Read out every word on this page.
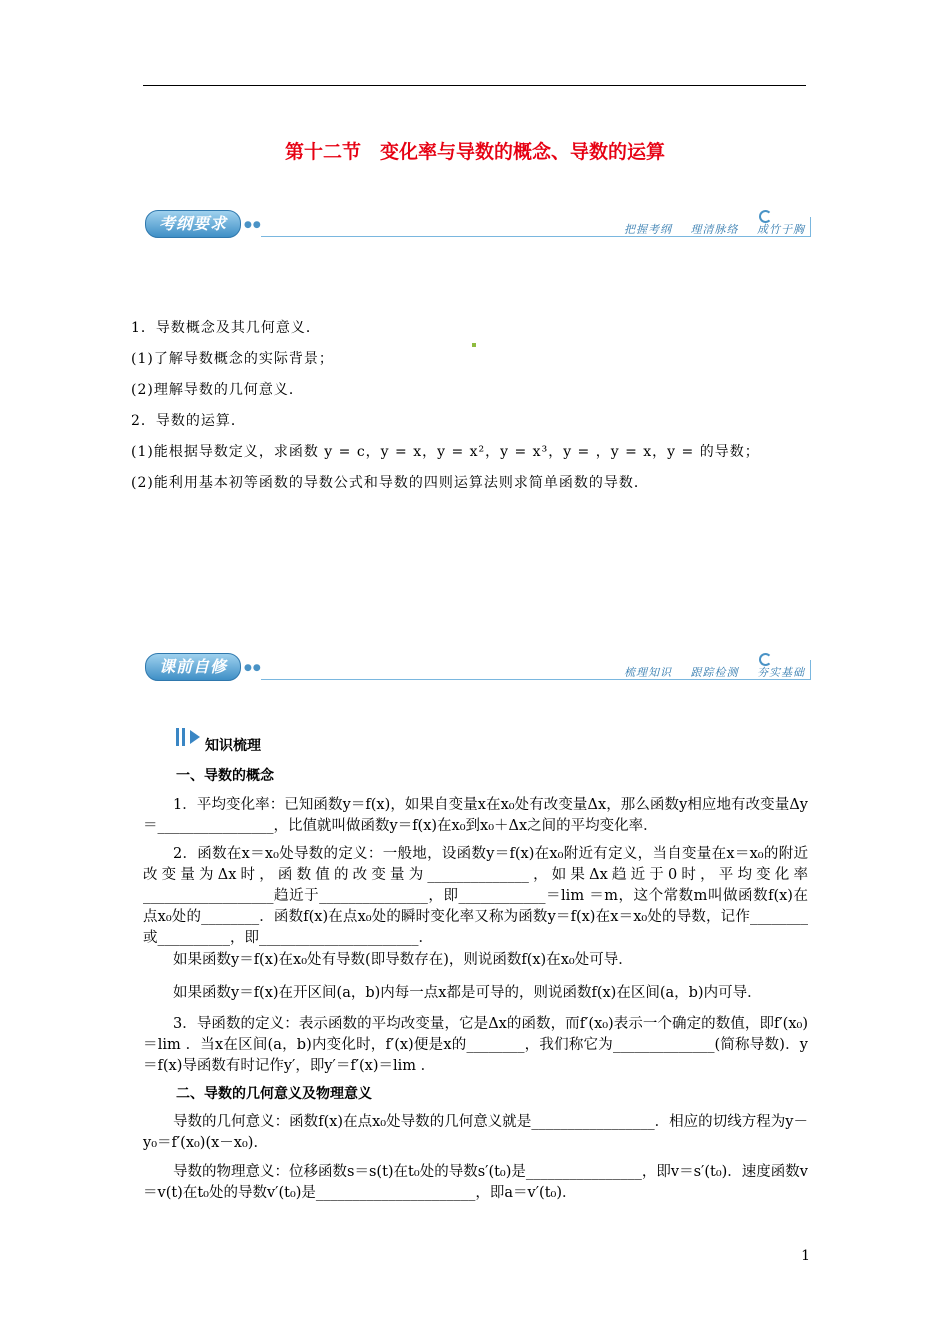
第十二节　变化率与导数的概念、导数的运算
考纲要求	●●	把握考纲 理清脉络 成竹于胸
1．导数概念及其几何意义．
(1)了解导数概念的实际背景；
(2)理解导数的几何意义．
2．导数的运算．
(1)能根据导数定义，求函数 y = c，y = x，y = x²，y = x³，y = ，y = x，y = 的导数；
(2)能利用基本初等函数的导数公式和导数的四则运算法则求简单函数的导数．
课前自修	●●	梳理知识 跟踪检测 夯实基础
知识梳理
一、导数的概念
1．平均变化率：已知函数y＝f(x)，如果自变量x在x₀处有改变量Δx，那么函数y相应地有改变量Δy＝________________，比值就叫做函数y＝f(x)在x₀到x₀＋Δx之间的平均变化率．
2．函数在x＝x₀处导数的定义：一般地，设函数y＝f(x)在x₀附近有定义，当自变量在x＝x₀的附近改变量为Δx时，函数值的改变量为______________，如果Δx趋近于0时，平均变化率__________________趋近于_______________，即____________＝lim ＝m，这个常数m叫做函数f(x)在点x₀处的________．函数f(x)在点x₀处的瞬时变化率又称为函数y＝f(x)在x＝x₀处的导数，记作________或__________，即______________________．
如果函数y＝f(x)在x₀处有导数(即导数存在)，则说函数f(x)在x₀处可导．
如果函数y＝f(x)在开区间(a，b)内每一点x都是可导的，则说函数f(x)在区间(a，b)内可导．
3．导函数的定义：表示函数的平均改变量，它是Δx的函数，而f′(x₀)表示一个确定的数值，即f′(x₀)＝lim ．当x在区间(a，b)内变化时，f′(x)便是x的________，我们称它为______________(简称导数)．y＝f(x)导函数有时记作y′，即y′＝f′(x)＝lim ．
二、导数的几何意义及物理意义
导数的几何意义：函数f(x)在点x₀处导数的几何意义就是_________________．相应的切线方程为y－y₀＝f′(x₀)(x－x₀)．
导数的物理意义：位移函数s＝s(t)在t₀处的导数s′(t₀)是________________，即v＝s′(t₀)．速度函数v＝v(t)在t₀处的导数v′(t₀)是______________________，即a＝v′(t₀)．
1
